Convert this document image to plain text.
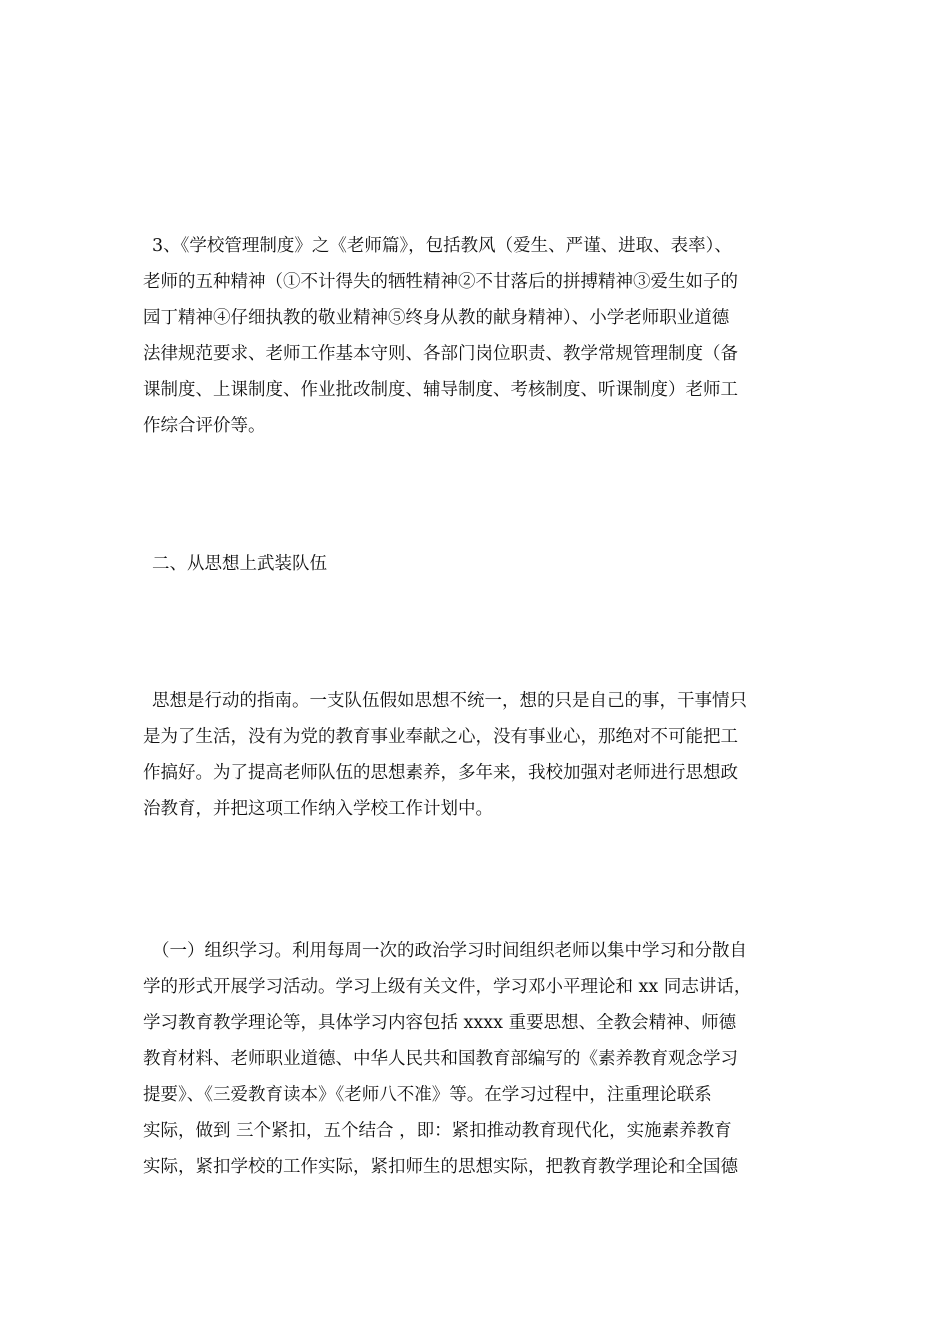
3、《学校管理制度》之《老师篇》，包括教风（爱生、严谨、进取、表率）、
老师的五种精神（①不计得失的牺牲精神②不甘落后的拼搏精神③爱生如子的
园丁精神④仔细执教的敬业精神⑤终身从教的献身精神）、小学老师职业道德
法律规范要求、老师工作基本守则、各部门岗位职责、教学常规管理制度（备
课制度、上课制度、作业批改制度、辅导制度、考核制度、听课制度）老师工
作综合评价等。
二、从思想上武装队伍
思想是行动的指南。一支队伍假如思想不统一，想的只是自己的事，干事情只
是为了生活，没有为党的教育事业奉献之心，没有事业心，那绝对不可能把工
作搞好。为了提高老师队伍的思想素养，多年来，我校加强对老师进行思想政
治教育，并把这项工作纳入学校工作计划中。
（一）组织学习。利用每周一次的政治学习时间组织老师以集中学习和分散自
学的形式开展学习活动。学习上级有关文件，学习邓小平理论和 xx 同志讲话，
学习教育教学理论等，具体学习内容包括 xxxx 重要思想、全教会精神、师德
教育材料、老师职业道德、中华人民共和国教育部编写的《素养教育观念学习
提要》、《三爱教育读本》《老师八不准》等。在学习过程中，注重理论联系
实际，做到 三个紧扣，五个结合 ，即：紧扣推动教育现代化，实施素养教育
实际，紧扣学校的工作实际，紧扣师生的思想实际，把教育教学理论和全国德
